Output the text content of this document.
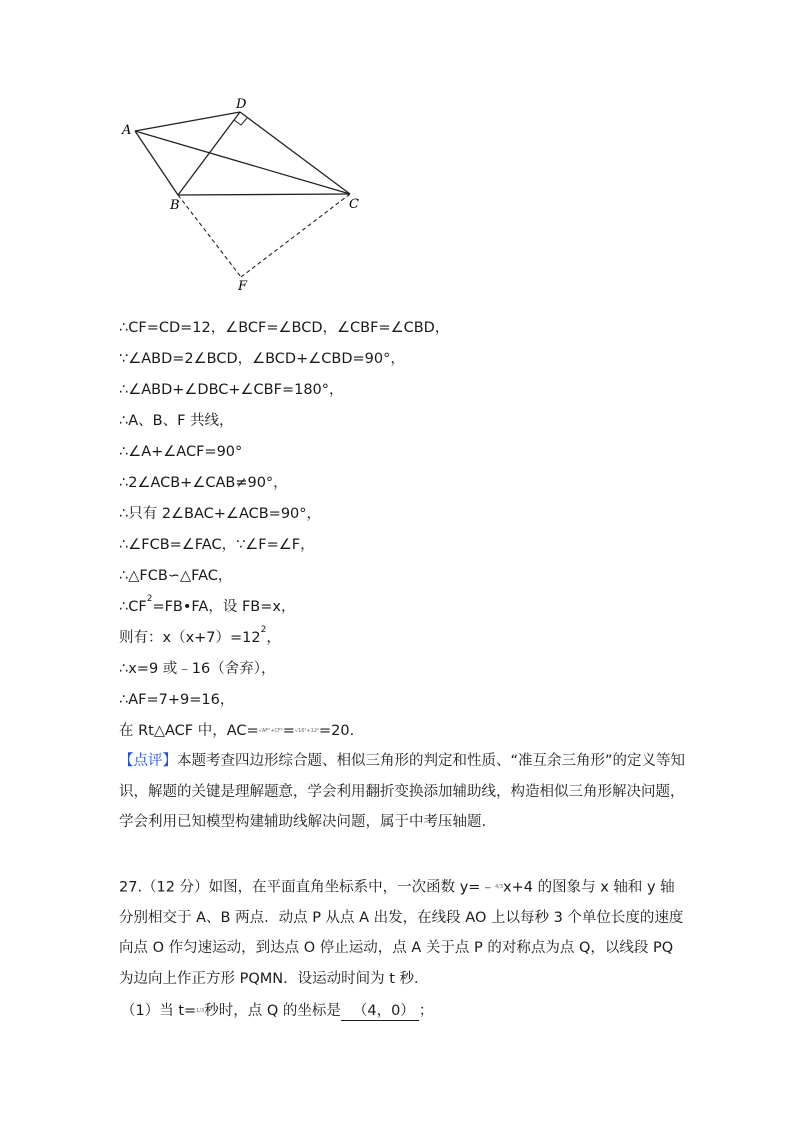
A
D
B	C
F
∴CF=CD=12，∠BCF=∠BCD，∠CBF=∠CBD，
∵∠ABD=2∠BCD，∠BCD+∠CBD=90°，
∴∠ABD+∠DBC+∠CBF=180°，
∴A、B、F 共线，
∴∠A+∠ACF=90°
∴2∠ACB+∠CAB≠90°，
∴只有 2∠BAC+∠ACB=90°，
∴∠FCB=∠FAC，∵∠F=∠F，
∴△FCB∽△FAC，
$\therefore CF^2=FB•FA$，设 FB=x，
则有：$x(x+7)=12^2$，
∴x=9 或﹣16（舍弃），
∴AF=7+9=16，
在 Rt△ACF 中，AC=√AF²+CF²=√16²+12²=20.
【点评】本题考查四边形综合题、相似三角形的判定和性质、“准互余三角形”的定义等知识，解题的关键是理解题意，学会利用翻折变换添加辅助线，构造相似三角形解决问题，学会利用已知模型构建辅助线解决问题，属于中考压轴题.
27.（12 分）如图，在平面直角坐标系中，一次函数 y=﹣4/3x+4 的图象与 x 轴和 y 轴分别相交于 A、B 两点．动点 P 从点 A 出发，在线段 AO 上以每秒 3 个单位长度的速度向点 O 作匀速运动，到达点 O 停止运动，点 A 关于点 P 的对称点为点 Q，以线段 PQ 为边向上作正方形 PQMN．设运动时间为 t 秒．
（1）当 t=1/3秒时，点 Q 的坐标是 （4，0） ；
